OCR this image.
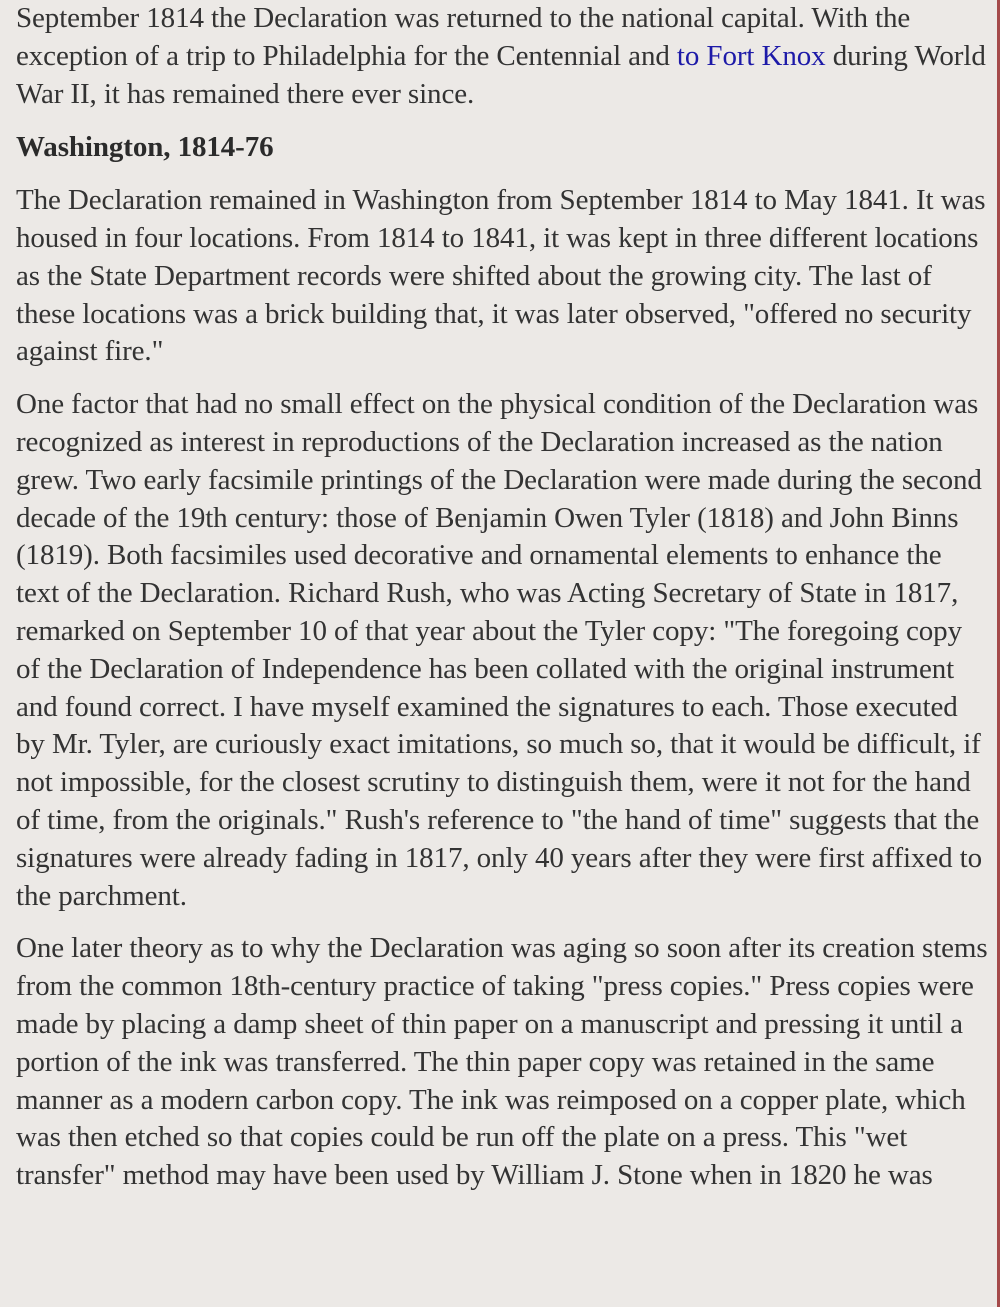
September 1814 the Declaration was returned to the national capital. With the exception of a trip to Philadelphia for the Centennial and to Fort Knox during World War II, it has remained there ever since.

Washington, 1814-76

The Declaration remained in Washington from September 1814 to May 1841. It was housed in four locations. From 1814 to 1841, it was kept in three different locations as the State Department records were shifted about the growing city. The last of these locations was a brick building that, it was later observed, "offered no security against fire."

One factor that had no small effect on the physical condition of the Declaration was recognized as interest in reproductions of the Declaration increased as the nation grew. Two early facsimile printings of the Declaration were made during the second decade of the 19th century: those of Benjamin Owen Tyler (1818) and John Binns (1819). Both facsimiles used decorative and ornamental elements to enhance the text of the Declaration. Richard Rush, who was Acting Secretary of State in 1817, remarked on September 10 of that year about the Tyler copy: "The foregoing copy of the Declaration of Independence has been collated with the original instrument and found correct. I have myself examined the signatures to each. Those executed by Mr. Tyler, are curiously exact imitations, so much so, that it would be difficult, if not impossible, for the closest scrutiny to distinguish them, were it not for the hand of time, from the originals." Rush's reference to "the hand of time" suggests that the signatures were already fading in 1817, only 40 years after they were first affixed to the parchment.

One later theory as to why the Declaration was aging so soon after its creation stems from the common 18th-century practice of taking "press copies." Press copies were made by placing a damp sheet of thin paper on a manuscript and pressing it until a portion of the ink was transferred. The thin paper copy was retained in the same manner as a modern carbon copy. The ink was reimposed on a copper plate, which was then etched so that copies could be run off the plate on a press. This "wet transfer" method may have been used by William J. Stone when in 1820 he was
